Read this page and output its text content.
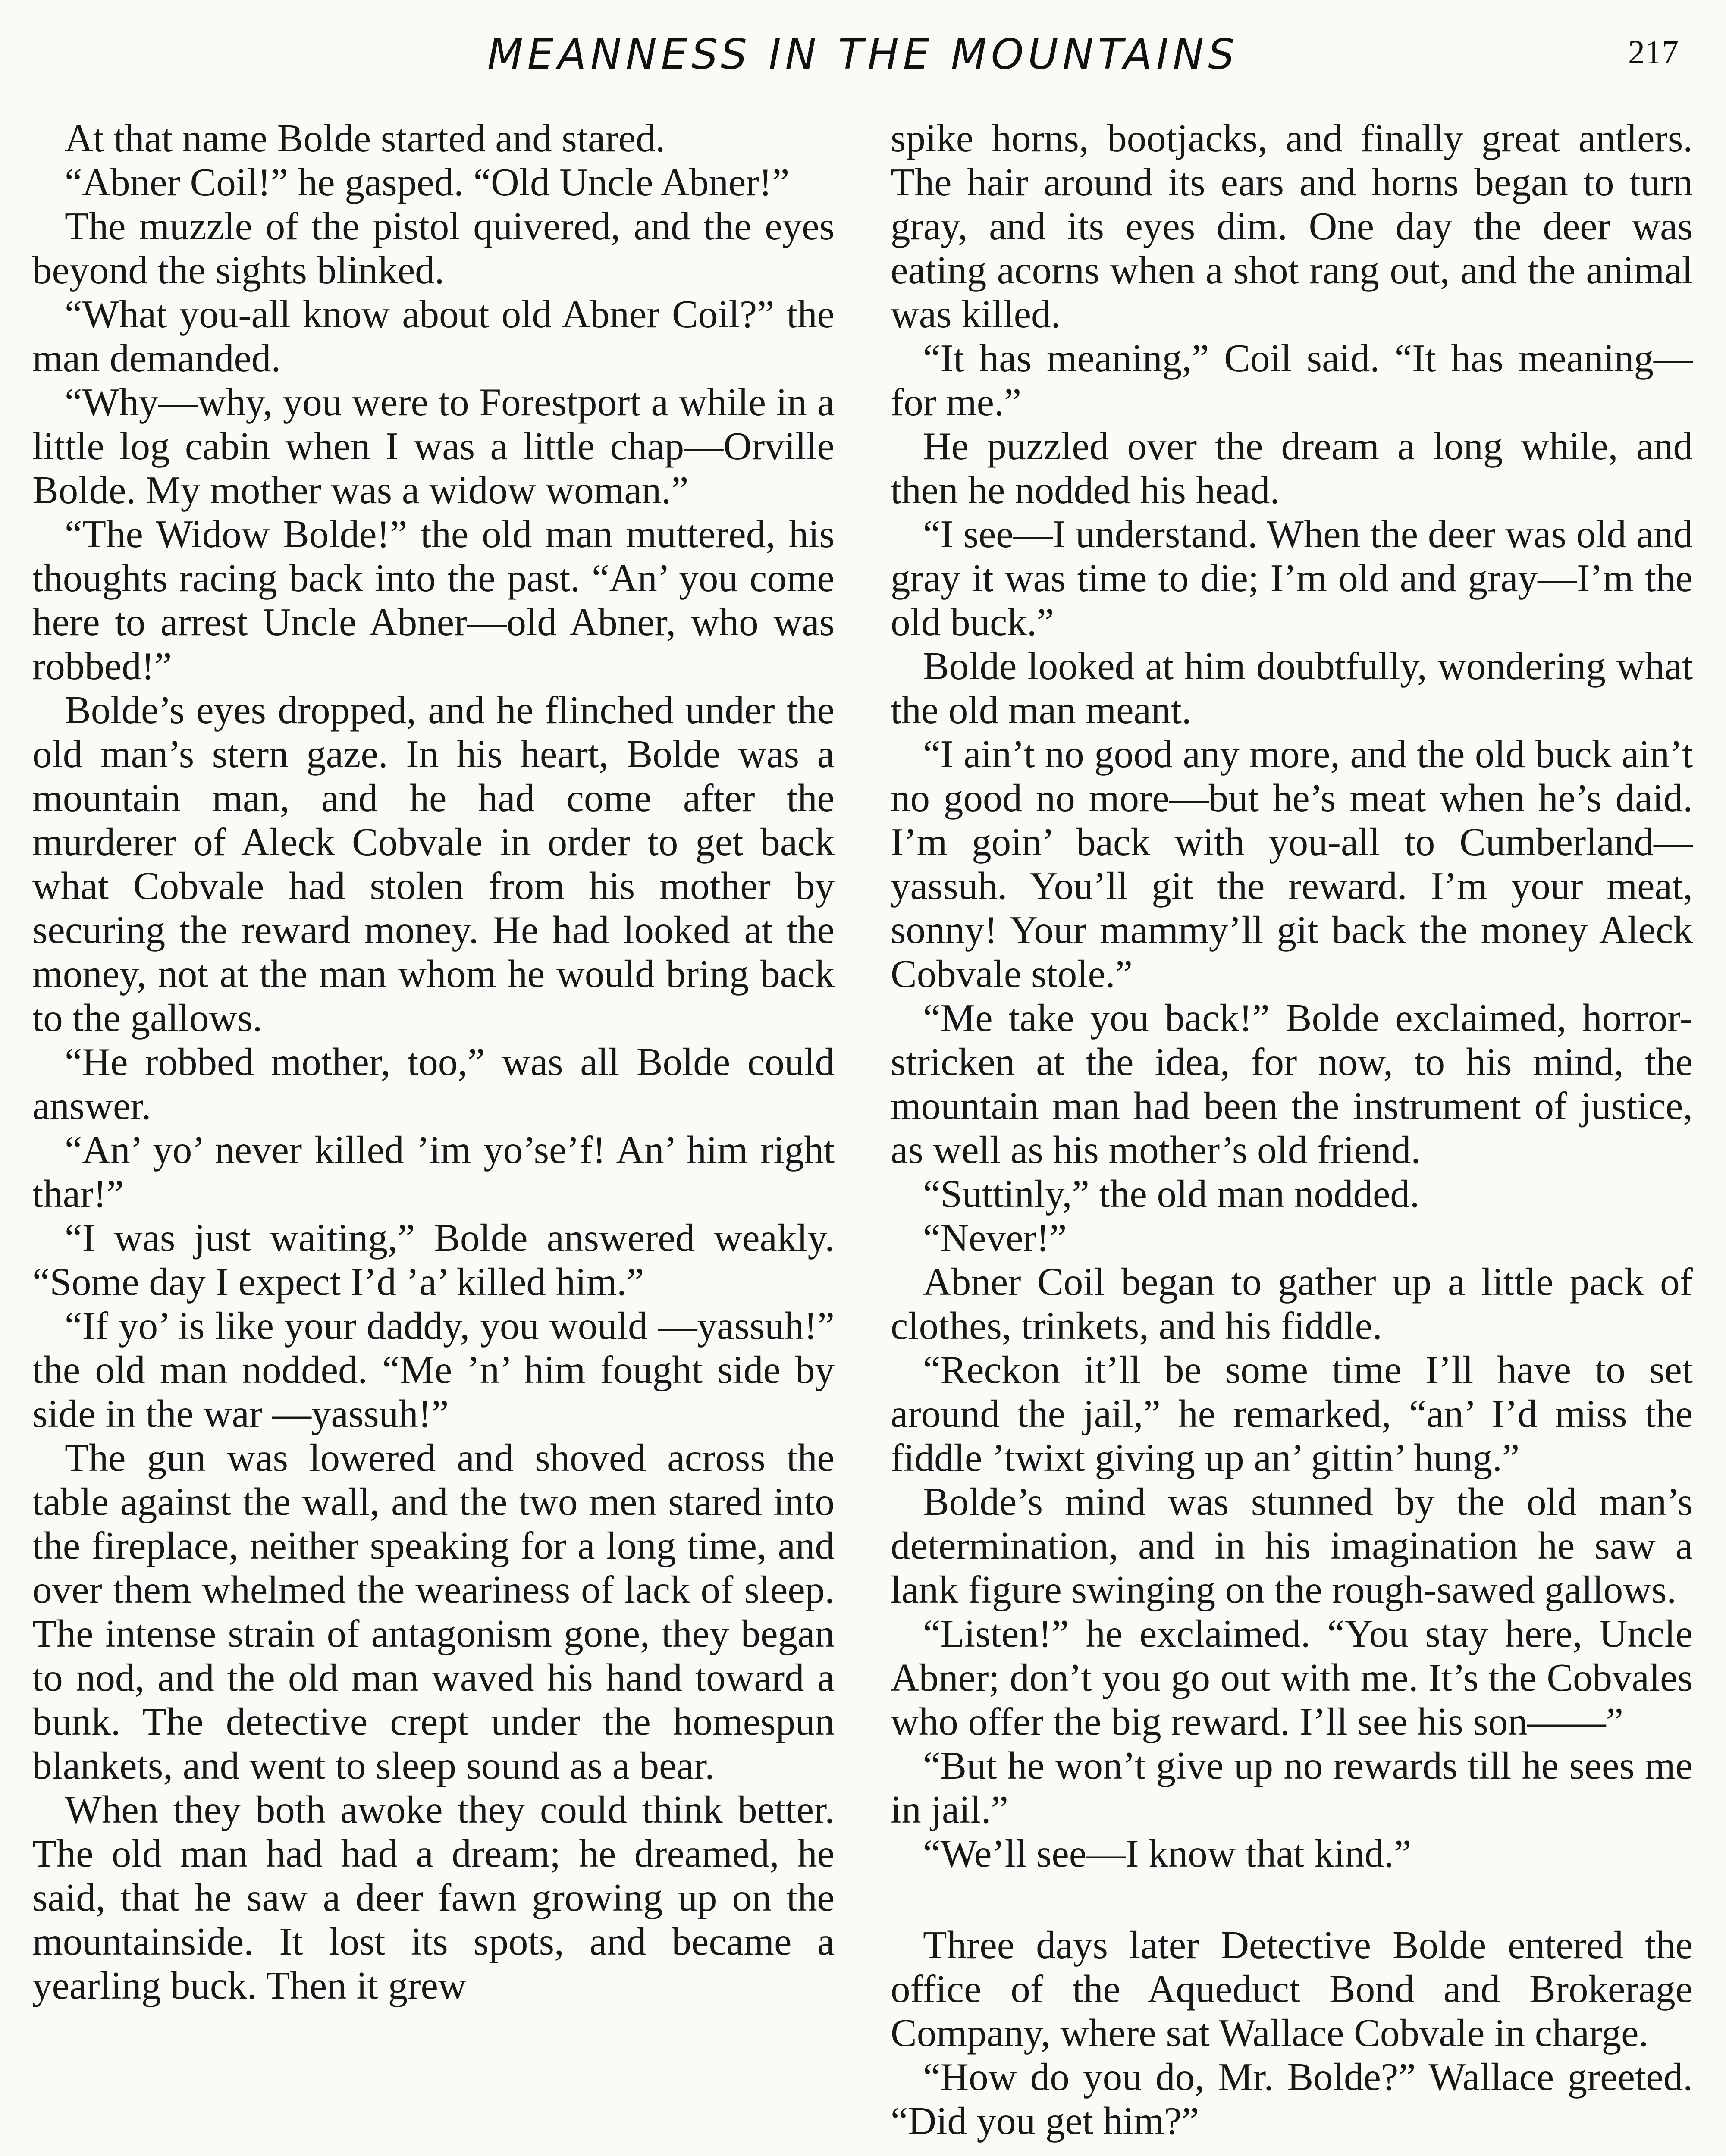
MEANNESS IN THE MOUNTAINS	217

At that name Bolde started and stared.

“Abner Coil!” he gasped. “Old Uncle Abner!”

The muzzle of the pistol quivered, and the eyes beyond the sights blinked.

“What you-all know about old Abner Coil?” the man demanded.

“Why—why, you were to Forestport a while in a little log cabin when I was a little chap—Orville Bolde. My mother was a widow woman.”

“The Widow Bolde!” the old man muttered, his thoughts racing back into the past. “An’ you come here to arrest Uncle Abner—old Abner, who was robbed!”

Bolde’s eyes dropped, and he flinched under the old man’s stern gaze. In his heart, Bolde was a mountain man, and he had come after the murderer of Aleck Cobvale in order to get back what Cobvale had stolen from his mother by securing the reward money. He had looked at the money, not at the man whom he would bring back to the gallows.

“He robbed mother, too,” was all Bolde could answer.

“An’ yo’ never killed ’im yo’se’f! An’ him right thar!”

“I was just waiting,” Bolde answered weakly. “Some day I expect I’d ’a’ killed him.”

“If yo’ is like your daddy, you would —yassuh!” the old man nodded. “Me ’n’ him fought side by side in the war —yassuh!”

The gun was lowered and shoved across the table against the wall, and the two men stared into the fireplace, neither speaking for a long time, and over them whelmed the weariness of lack of sleep. The intense strain of antagonism gone, they began to nod, and the old man waved his hand toward a bunk. The detective crept under the homespun blankets, and went to sleep sound as a bear.

When they both awoke they could think better. The old man had had a dream; he dreamed, he said, that he saw a deer fawn growing up on the mountainside. It lost its spots, and became a yearling buck. Then it grew

spike horns, bootjacks, and finally great antlers. The hair around its ears and horns began to turn gray, and its eyes dim. One day the deer was eating acorns when a shot rang out, and the animal was killed.

“It has meaning,” Coil said. “It has meaning—for me.”

He puzzled over the dream a long while, and then he nodded his head.

“I see—I understand. When the deer was old and gray it was time to die; I’m old and gray—I’m the old buck.”

Bolde looked at him doubtfully, wondering what the old man meant.

“I ain’t no good any more, and the old buck ain’t no good no more—but he’s meat when he’s daid. I’m goin’ back with you-all to Cumberland—yassuh. You’ll git the reward. I’m your meat, sonny! Your mammy’ll git back the money Aleck Cobvale stole.”

“Me take you back!” Bolde exclaimed, horror-stricken at the idea, for now, to his mind, the mountain man had been the instrument of justice, as well as his mother’s old friend.

“Suttinly,” the old man nodded.

“Never!”

Abner Coil began to gather up a little pack of clothes, trinkets, and his fiddle.

“Reckon it’ll be some time I’ll have to set around the jail,” he remarked, “an’ I’d miss the fiddle ’twixt giving up an’ gittin’ hung.”

Bolde’s mind was stunned by the old man’s determination, and in his imagination he saw a lank figure swinging on the rough-sawed gallows.

“Listen!” he exclaimed. “You stay here, Uncle Abner; don’t you go out with me. It’s the Cobvales who offer the big reward. I’ll see his son——”

“But he won’t give up no rewards till he sees me in jail.”

“We’ll see—I know that kind.”

Three days later Detective Bolde entered the office of the Aqueduct Bond and Brokerage Company, where sat Wallace Cobvale in charge.

“How do you do, Mr. Bolde?” Wallace greeted. “Did you get him?”
